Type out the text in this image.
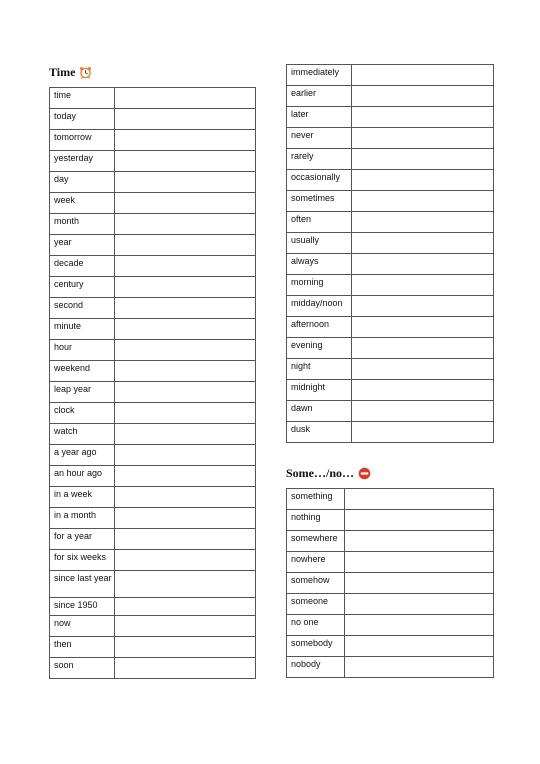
Time
time	
today	
tomorrow	
yesterday	
day	
week	
month	
year	
decade	
century	
second	
minute	
hour	
weekend	
leap year	
clock	
watch	
a year ago	
an hour ago	
in a week	
in a month	
for a year	
for six weeks	
since last year	
since 1950	
now	
then	
soon	
immediately	
earlier	
later	
never	
rarely	
occasionally	
sometimes	
often	
usually	
always	
morning	
midday/noon	
afternoon	
evening	
night	
midnight	
dawn	
dusk	
Some…/no…
something	
nothing	
somewhere	
nowhere	
somehow	
someone	
no one	
somebody	
nobody	
